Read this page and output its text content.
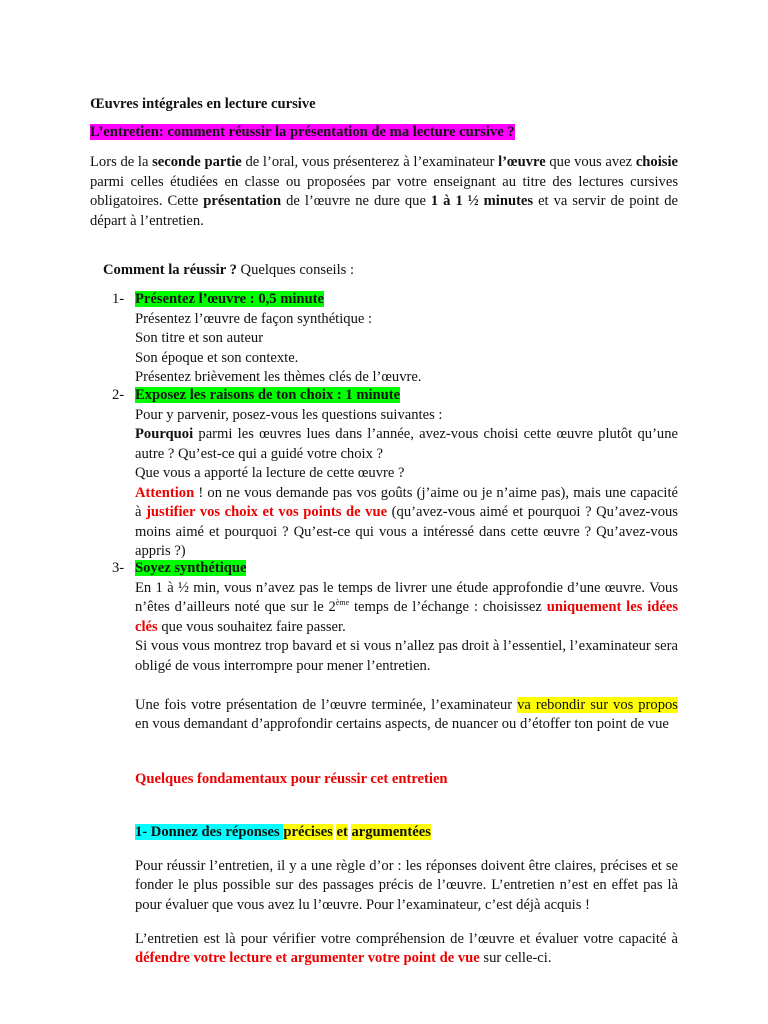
Œuvres intégrales en lecture cursive
L’entretien: comment réussir la présentation de ma lecture cursive ?
Lors de la seconde partie de l’oral, vous présenterez à l’examinateur l’œuvre que vous avez choisie parmi celles étudiées en classe ou proposées par votre enseignant au titre des lectures cursives obligatoires. Cette présentation de l’œuvre ne dure que 1 à 1 ½ minutes et va servir de point de départ à l’entretien.
Comment la réussir ? Quelques conseils :
1- Présentez l’œuvre : 0,5 minute

Présentez l’œuvre de façon synthétique :

Son titre et son auteur

Son époque et son contexte.

Présentez brièvement les thèmes clés de l’œuvre.

2- Exposez les raisons de ton choix : 1 minute

Pour y parvenir, posez-vous les questions suivantes :

Pourquoi parmi les œuvres lues dans l’année, avez-vous choisi cette œuvre plutôt qu’une autre ? Qu’est-ce qui a guidé votre choix ?

Que vous a apporté la lecture de cette œuvre ?

Attention ! on ne vous demande pas vos goûts (j’aime ou je n’aime pas), mais une capacité à justifier vos choix et vos points de vue (qu’avez-vous aimé et pourquoi ? Qu’avez-vous moins aimé et pourquoi ? Qu’est-ce qui vous a intéressé dans cette œuvre ? Qu’avez-vous appris ?)

3- Soyez synthétique

En 1 à ½ min, vous n’avez pas le temps de livrer une étude approfondie d’une œuvre. Vous n’êtes d’ailleurs noté que sur le 2ème temps de l’échange : choisissez uniquement les idées clés que vous souhaitez faire passer.

Si vous vous montrez trop bavard et si vous n’allez pas droit à l’essentiel, l’examinateur sera obligé de vous interrompre pour mener l’entretien.

Une fois votre présentation de l’œuvre terminée, l’examinateur va rebondir sur vos propos en vous demandant d’approfondir certains aspects, de nuancer ou d’étoffer ton point de vue

Quelques fondamentaux pour réussir cet entretien

1- Donnez des réponses précises et argumentées

Pour réussir l’entretien, il y a une règle d’or : les réponses doivent être claires, précises et se fonder le plus possible sur des passages précis de l’œuvre. L’entretien n’est en effet pas là pour évaluer que vous avez lu l’œuvre. Pour l’examinateur, c’est déjà acquis !

L’entretien est là pour vérifier votre compréhension de l’œuvre et évaluer votre capacité à défendre votre lecture et argumenter votre point de vue sur celle-ci.
